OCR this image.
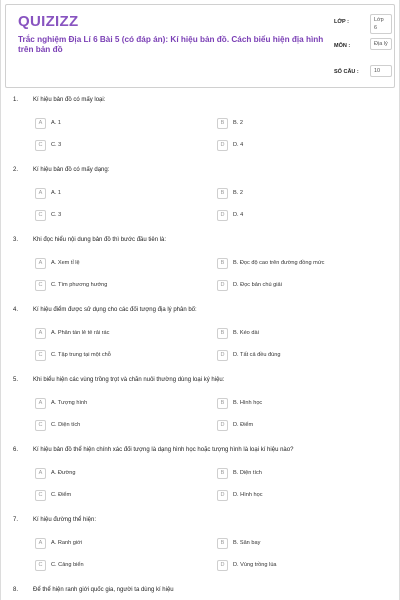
QUIZIZZ
Trắc nghiệm Địa Lí 6 Bài 5 (có đáp án): Kí hiệu bản đồ. Cách biểu hiện địa hình trên bản đồ
LỚP :	Lớp 6
MÔN :	Địa lý
SỐ CÂU :	10
1. Kí hiệu bản đồ có mấy loại:
A	A. 1	B	B. 2
C	C. 3	D	D. 4
2. Kí hiệu bản đồ có mấy dạng:
A	A. 1	B	B. 2
C	C. 3	D	D. 4
3. Khi đọc hiểu nội dung bản đồ thì bước đầu tiên là:
A	A. Xem tỉ lệ	B	B. Đọc độ cao trên đường đồng mức
C	C. Tìm phương hướng	D	D. Đọc bản chú giải
4. Kí hiệu điểm được sử dụng cho các đối tượng địa lý phân bố:
A	A. Phân tán lẻ tẻ rải rác	B	B. Kéo dài
C	C. Tập trung tại một chỗ	D	D. Tất cả đều đúng
5. Khi biểu hiện các vùng trồng trọt và chăn nuôi thường dùng loại ký hiệu:
A	A. Tượng hình	B	B. Hình học
C	C. Diện tích	D	D. Điểm
6. Kí hiệu bản đồ thể hiện chính xác đối tượng là dạng hình học hoặc tượng hình là loại kí hiệu nào?
A	A. Đường	B	B. Diện tích
C	C. Điểm	D	D. Hình học
7. Kí hiệu đường thể hiện:
A	A. Ranh giới	B	B. Sân bay
C	C. Cảng biển	D	D. Vùng trồng lúa
8. Để thể hiện ranh giới quốc gia, người ta dùng kí hiệu
